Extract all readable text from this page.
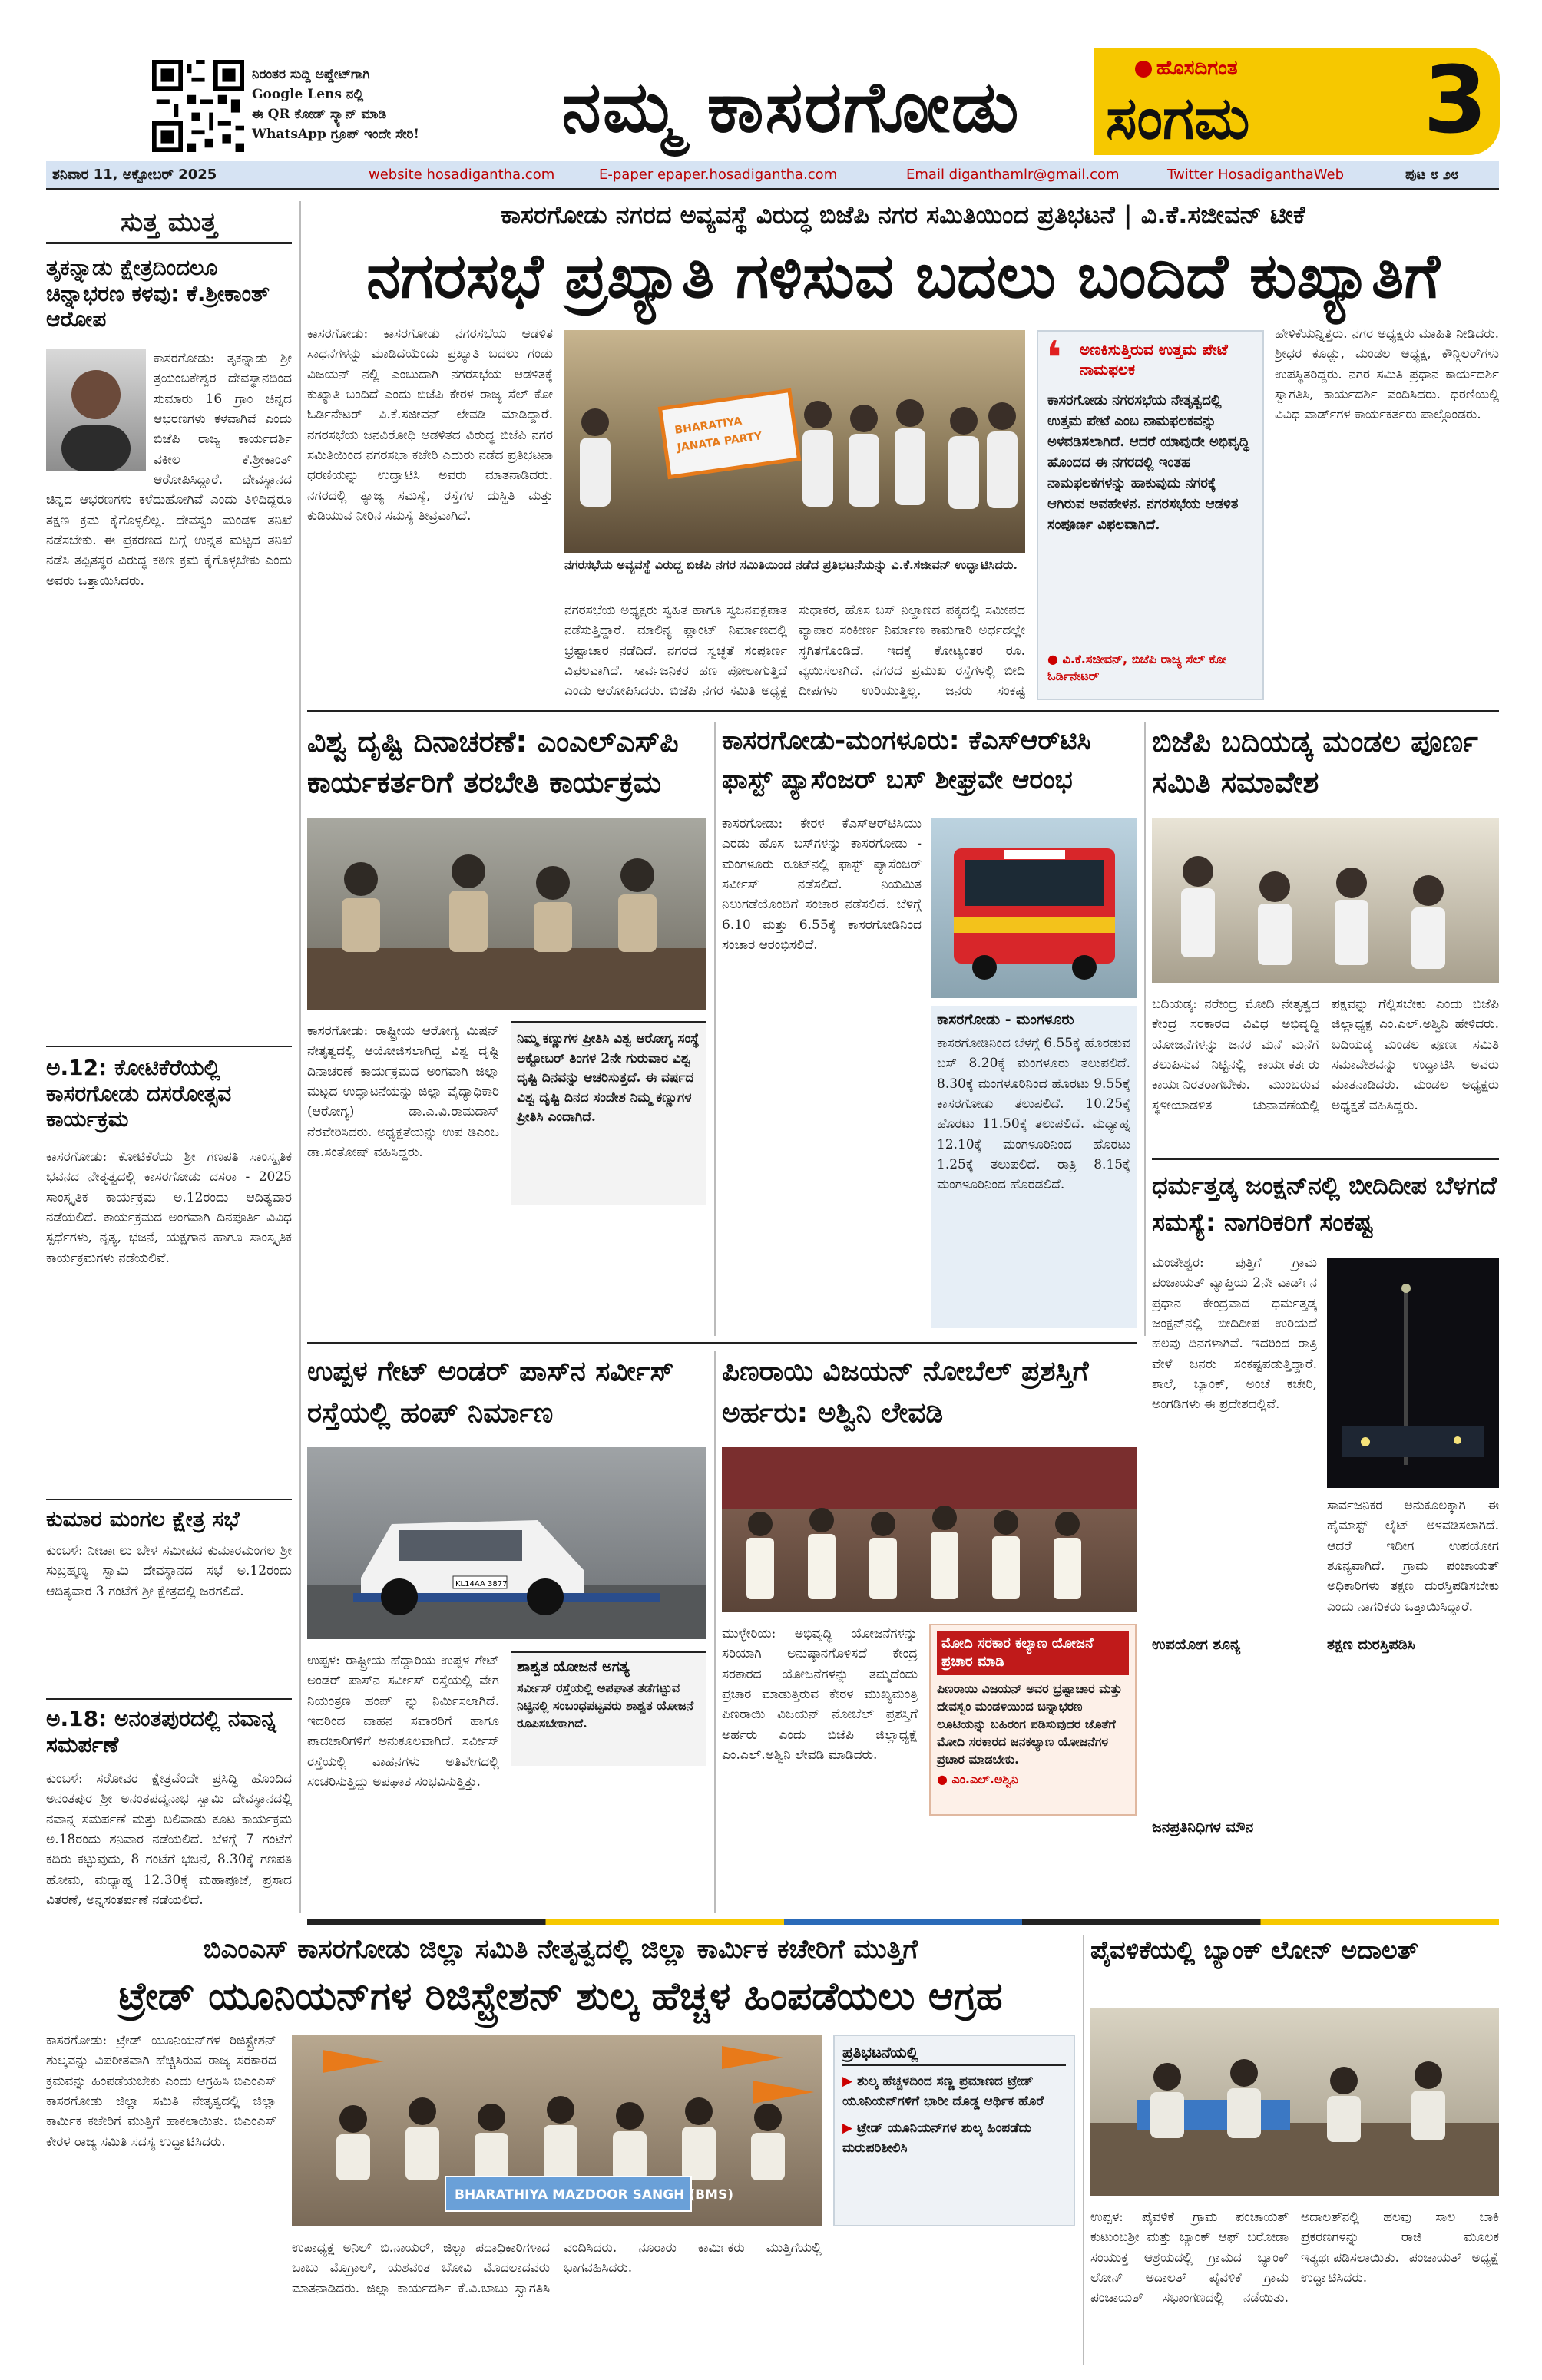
ನಿರಂತರ ಸುದ್ದಿ ಅಪ್ಡೇಟ್‌ಗಾಗಿ
Google Lens ನಲ್ಲಿ
ಈ QR ಕೋಡ್ ಸ್ಕ್ಯಾನ್ ಮಾಡಿ
WhatsApp ಗ್ರೂಪ್ ಇಂದೇ ಸೇರಿ!	ನಮ್ಮ ಕಾಸರಗೋಡು	ಹೊಸದಿಗಂತ
ಸಂಗಮ	3
ಶನಿವಾರ 11, ಅಕ್ಟೋಬರ್ 2025	website hosadigantha.com	E-paper epaper.hosadigantha.com	Email diganthamlr@gmail.com	Twitter HosadiganthaWeb	ಪುಟ ೮ ೨೮
ಸುತ್ತ ಮುತ್ತ
ತೃಕನ್ನಾಡು ಕ್ಷೇತ್ರದಿಂದಲೂ ಚಿನ್ನಾಭರಣ ಕಳವು: ಕೆ.ಶ್ರೀಕಾಂತ್ ಆರೋಪ
ಕಾಸರಗೋಡು: ತೃಕನ್ನಾಡು ಶ್ರೀ ತ್ರಯಂಬಕೇಶ್ವರ ದೇವಸ್ಥಾನದಿಂದ ಸುಮಾರು 16 ಗ್ರಾಂ ಚಿನ್ನದ ಆಭರಣಗಳು ಕಳವಾಗಿವೆ ಎಂದು ಬಿಜೆಪಿ ರಾಜ್ಯ ಕಾರ್ಯದರ್ಶಿ ವಕೀಲ ಕೆ.ಶ್ರೀಕಾಂತ್ ಆರೋಪಿಸಿದ್ದಾರೆ. ದೇವಸ್ಥಾನದ ಚಿನ್ನದ ಆಭರಣಗಳು ಕಳೆದುಹೋಗಿವೆ ಎಂದು ತಿಳಿದಿದ್ದರೂ ತಕ್ಷಣ ಕ್ರಮ ಕೈಗೊಳ್ಳಲಿಲ್ಲ. ದೇವಸ್ವಂ ಮಂಡಳಿ ತನಿಖೆ ನಡೆಸಬೇಕು. ಈ ಪ್ರಕರಣದ ಬಗ್ಗೆ ಉನ್ನತ ಮಟ್ಟದ ತನಿಖೆ ನಡೆಸಿ ತಪ್ಪಿತಸ್ಥರ ವಿರುದ್ಧ ಕಠಿಣ ಕ್ರಮ ಕೈಗೊಳ್ಳಬೇಕು ಎಂದು ಅವರು ಒತ್ತಾಯಿಸಿದರು.
ಅ.12: ಕೋಟಿಕೆರೆಯಲ್ಲಿ ಕಾಸರಗೋಡು ದಸರೋತ್ಸವ ಕಾರ್ಯಕ್ರಮ
ಕಾಸರಗೋಡು: ಕೋಟಿಕೆರೆಯ ಶ್ರೀ ಗಣಪತಿ ಸಾಂಸ್ಕೃತಿಕ ಭವನದ ನೇತೃತ್ವದಲ್ಲಿ ಕಾಸರಗೋಡು ದಸರಾ - 2025 ಸಾಂಸ್ಕೃತಿಕ ಕಾರ್ಯಕ್ರಮ ಅ.12ರಂದು ಆದಿತ್ಯವಾರ ನಡೆಯಲಿದೆ. ಕಾರ್ಯಕ್ರಮದ ಅಂಗವಾಗಿ ದಿನಪೂರ್ತಿ ವಿವಿಧ ಸ್ಪರ್ಧೆಗಳು, ನೃತ್ಯ, ಭಜನೆ, ಯಕ್ಷಗಾನ ಹಾಗೂ ಸಾಂಸ್ಕೃತಿಕ ಕಾರ್ಯಕ್ರಮಗಳು ನಡೆಯಲಿವೆ.
ಕುಮಾರ ಮಂಗಲ ಕ್ಷೇತ್ರ ಸಭೆ
ಕುಂಬಳೆ: ನೀರ್ಚಾಲು ಬೇಳ ಸಮೀಪದ ಕುಮಾರಮಂಗಲ ಶ್ರೀ ಸುಬ್ರಹ್ಮಣ್ಯ ಸ್ವಾಮಿ ದೇವಸ್ಥಾನದ ಸಭೆ ಅ.12ರಂದು ಆದಿತ್ಯವಾರ 3 ಗಂಟೆಗೆ ಶ್ರೀ ಕ್ಷೇತ್ರದಲ್ಲಿ ಜರಗಲಿದೆ.
ಅ.18: ಅನಂತಪುರದಲ್ಲಿ ನವಾನ್ನ ಸಮರ್ಪಣೆ
ಕುಂಬಳೆ: ಸರೋವರ ಕ್ಷೇತ್ರವೆಂದೇ ಪ್ರಸಿದ್ಧಿ ಹೊಂದಿದ ಅನಂತಪುರ ಶ್ರೀ ಅನಂತಪದ್ಮನಾಭ ಸ್ವಾಮಿ ದೇವಸ್ಥಾನದಲ್ಲಿ ನವಾನ್ನ ಸಮರ್ಪಣೆ ಮತ್ತು ಬಲಿವಾಡು ಕೂಟ ಕಾರ್ಯಕ್ರಮ ಅ.18ರಂದು ಶನಿವಾರ ನಡೆಯಲಿದೆ. ಬೆಳಗ್ಗೆ 7 ಗಂಟೆಗೆ ಕದಿರು ಕಟ್ಟುವುದು, 8 ಗಂಟೆಗೆ ಭಜನೆ, 8.30ಕ್ಕೆ ಗಣಪತಿ ಹೋಮ, ಮಧ್ಯಾಹ್ನ 12.30ಕ್ಕೆ ಮಹಾಪೂಜೆ, ಪ್ರಸಾದ ವಿತರಣೆ, ಅನ್ನಸಂತರ್ಪಣೆ ನಡೆಯಲಿದೆ.
ಕಾಸರಗೋಡು ನಗರದ ಅವ್ಯವಸ್ಥೆ ವಿರುದ್ಧ ಬಿಜೆಪಿ ನಗರ ಸಮಿತಿಯಿಂದ ಪ್ರತಿಭಟನೆ | ವಿ.ಕೆ.ಸಜೀವನ್ ಟೀಕೆ
ನಗರಸಭೆ ಪ್ರಖ್ಯಾತಿ ಗಳಿಸುವ ಬದಲು ಬಂದಿದೆ ಕುಖ್ಯಾತಿಗೆ
ಕಾಸರಗೋಡು: ಕಾಸರಗೋಡು ನಗರಸಭೆಯ ಆಡಳಿತ ಸಾಧನೆಗಳನ್ನು ಮಾಡಿದೆಯೆಂದು ಪ್ರಖ್ಯಾತಿ ಬದಲು ಗಂಡು ವಿಜಯನ್ ನಲ್ಲಿ ಎಂಬುದಾಗಿ ನಗರಸಭೆಯ ಆಡಳಿತಕ್ಕೆ ಕುಖ್ಯಾತಿ ಬಂದಿದೆ ಎಂದು ಬಿಜೆಪಿ ಕೇರಳ ರಾಜ್ಯ ಸೆಲ್ ಕೋ ಓರ್ಡಿನೇಟರ್ ವಿ.ಕೆ.ಸಜೀವನ್ ಲೇವಡಿ ಮಾಡಿದ್ದಾರೆ. ನಗರಸಭೆಯ ಜನವಿರೋಧಿ ಆಡಳಿತದ ವಿರುದ್ಧ ಬಿಜೆಪಿ ನಗರ ಸಮಿತಿಯಿಂದ ನಗರಸಭಾ ಕಚೇರಿ ಎದುರು ನಡೆದ ಪ್ರತಿಭಟನಾ ಧರಣಿಯನ್ನು ಉದ್ಘಾಟಿಸಿ ಅವರು ಮಾತನಾಡಿದರು. ನಗರದಲ್ಲಿ ತ್ಯಾಜ್ಯ ಸಮಸ್ಯೆ, ರಸ್ತೆಗಳ ದುಸ್ಥಿತಿ ಮತ್ತು ಕುಡಿಯುವ ನೀರಿನ ಸಮಸ್ಯೆ ತೀವ್ರವಾಗಿದೆ.
BHARATIYA
JANATA PARTY
ನಗರಸಭೆಯ ಅವ್ಯವಸ್ಥೆ ವಿರುದ್ಧ ಬಿಜೆಪಿ ನಗರ ಸಮಿತಿಯಿಂದ ನಡೆದ ಪ್ರತಿಭಟನೆಯನ್ನು ವಿ.ಕೆ.ಸಜೀವನ್ ಉದ್ಘಾಟಿಸಿದರು.
ನಗರಸಭೆಯ ಅಧ್ಯಕ್ಷರು ಸ್ವಹಿತ ಹಾಗೂ ಸ್ವಜನಪಕ್ಷಪಾತ ನಡೆಸುತ್ತಿದ್ದಾರೆ. ಮಾಲಿನ್ಯ ಪ್ಲಾಂಟ್ ನಿರ್ಮಾಣದಲ್ಲಿ ಭ್ರಷ್ಟಾಚಾರ ನಡೆದಿದೆ. ನಗರದ ಸ್ವಚ್ಛತೆ ಸಂಪೂರ್ಣ ವಿಫಲವಾಗಿದೆ. ಸಾರ್ವಜನಿಕರ ಹಣ ಪೋಲಾಗುತ್ತಿದೆ ಎಂದು ಆರೋಪಿಸಿದರು. ಬಿಜೆಪಿ ನಗರ ಸಮಿತಿ ಅಧ್ಯಕ್ಷ
ಸುಧಾಕರ, ಹೊಸ ಬಸ್ ನಿಲ್ದಾಣದ ಪಕ್ಕದಲ್ಲಿ ಸಮೀಪದ ವ್ಯಾಪಾರ ಸಂಕೀರ್ಣ ನಿರ್ಮಾಣ ಕಾಮಗಾರಿ ಅರ್ಧದಲ್ಲೇ ಸ್ಥಗಿತಗೊಂಡಿದೆ. ಇದಕ್ಕೆ ಕೋಟ್ಯಂತರ ರೂ. ವ್ಯಯಿಸಲಾಗಿದೆ. ನಗರದ ಪ್ರಮುಖ ರಸ್ತೆಗಳಲ್ಲಿ ಬೀದಿ ದೀಪಗಳು ಉರಿಯುತ್ತಿಲ್ಲ. ಜನರು ಸಂಕಷ್ಟ
❛	ಅಣಕಿಸುತ್ತಿರುವ ಉತ್ತಮ ಪೇಟೆ ನಾಮಫಲಕ
ಕಾಸರಗೋಡು ನಗರಸಭೆಯ ನೇತೃತ್ವದಲ್ಲಿ ಉತ್ತಮ ಪೇಟೆ ಎಂಬ ನಾಮಫಲಕವನ್ನು ಅಳವಡಿಸಲಾಗಿದೆ. ಆದರೆ ಯಾವುದೇ ಅಭಿವೃದ್ಧಿ ಹೊಂದದ ಈ ನಗರದಲ್ಲಿ ಇಂತಹ ನಾಮಫಲಕಗಳನ್ನು ಹಾಕುವುದು ನಗರಕ್ಕೆ ಆಗಿರುವ ಅವಹೇಳನ. ನಗರಸಭೆಯ ಆಡಳಿತ ಸಂಪೂರ್ಣ ವಿಫಲವಾಗಿದೆ.
● ವಿ.ಕೆ.ಸಜೀವನ್, ಬಿಜೆಪಿ ರಾಜ್ಯ ಸೆಲ್ ಕೋ ಓರ್ಡಿನೇಟರ್
ಹೇಳಿಕೆಯನ್ನಿತ್ತರು. ನಗರ ಅಧ್ಯಕ್ಷರು ಮಾಹಿತಿ ನೀಡಿದರು. ಶ್ರೀಧರ ಕೂಡ್ಲು, ಮಂಡಲ ಅಧ್ಯಕ್ಷ, ಕೌನ್ಸಿಲರ್‌ಗಳು ಉಪಸ್ಥಿತರಿದ್ದರು. ನಗರ ಸಮಿತಿ ಪ್ರಧಾನ ಕಾರ್ಯದರ್ಶಿ ಸ್ವಾಗತಿಸಿ, ಕಾರ್ಯದರ್ಶಿ ವಂದಿಸಿದರು. ಧರಣಿಯಲ್ಲಿ ವಿವಿಧ ವಾರ್ಡ್‌ಗಳ ಕಾರ್ಯಕರ್ತರು ಪಾಲ್ಗೊಂಡರು.
ವಿಶ್ವ ದೃಷ್ಟಿ ದಿನಾಚರಣೆ: ಎಂಎಲ್‌ಎಸ್‌ಪಿ ಕಾರ್ಯಕರ್ತರಿಗೆ ತರಬೇತಿ ಕಾರ್ಯಕ್ರಮ
ಕಾಸರಗೋಡು: ರಾಷ್ಟ್ರೀಯ ಆರೋಗ್ಯ ಮಿಷನ್ ನೇತೃತ್ವದಲ್ಲಿ ಆಯೋಜಿಸಲಾಗಿದ್ದ ವಿಶ್ವ ದೃಷ್ಟಿ ದಿನಾಚರಣೆ ಕಾರ್ಯಕ್ರಮದ ಅಂಗವಾಗಿ ಜಿಲ್ಲಾ ಮಟ್ಟದ ಉದ್ಘಾಟನೆಯನ್ನು ಜಿಲ್ಲಾ ವೈದ್ಯಾಧಿಕಾರಿ (ಆರೋಗ್ಯ) ಡಾ.ಎ.ವಿ.ರಾಮದಾಸ್ ನೆರವೇರಿಸಿದರು. ಅಧ್ಯಕ್ಷತೆಯನ್ನು ಉಪ ಡಿಎಂಒ ಡಾ.ಸಂತೋಷ್ ವಹಿಸಿದ್ದರು.
ನಿಮ್ಮ ಕಣ್ಣುಗಳ ಪ್ರೀತಿಸಿ ವಿಶ್ವ ಆರೋಗ್ಯ ಸಂಸ್ಥೆ ಅಕ್ಟೋಬರ್ ತಿಂಗಳ 2ನೇ ಗುರುವಾರ ವಿಶ್ವ ದೃಷ್ಟಿ ದಿನವನ್ನು ಆಚರಿಸುತ್ತದೆ. ಈ ವರ್ಷದ ವಿಶ್ವ ದೃಷ್ಟಿ ದಿನದ ಸಂದೇಶ ನಿಮ್ಮ ಕಣ್ಣುಗಳ ಪ್ರೀತಿಸಿ ಎಂದಾಗಿದೆ.
ಕಾಸರಗೋಡು-ಮಂಗಳೂರು: ಕೆಎಸ್ಆರ್‌ಟಿಸಿ ಫಾಸ್ಟ್ ಪ್ಯಾಸೆಂಜರ್ ಬಸ್ ಶೀಘ್ರವೇ ಆರಂಭ
ಕಾಸರಗೋಡು: ಕೇರಳ ಕೆಎಸ್ಆರ್‌ಟಿಸಿಯು ಎರಡು ಹೊಸ ಬಸ್‌ಗಳನ್ನು ಕಾಸರಗೋಡು - ಮಂಗಳೂರು ರೂಟ್‌ನಲ್ಲಿ ಫಾಸ್ಟ್ ಪ್ಯಾಸೆಂಜರ್ ಸರ್ವೀಸ್ ನಡೆಸಲಿದೆ. ನಿಯಮಿತ ನಿಲುಗಡೆಯೊಂದಿಗೆ ಸಂಚಾರ ನಡೆಸಲಿದೆ. ಬೆಳಿಗ್ಗೆ 6.10 ಮತ್ತು 6.55ಕ್ಕೆ ಕಾಸರಗೋಡಿನಿಂದ ಸಂಚಾರ ಆರಂಭಿಸಲಿದೆ.
ಕಾಸರಗೋಡು - ಮಂಗಳೂರು
ಕಾಸರಗೋಡಿನಿಂದ ಬೆಳಗ್ಗೆ 6.55ಕ್ಕೆ ಹೊರಡುವ ಬಸ್ 8.20ಕ್ಕೆ ಮಂಗಳೂರು ತಲುಪಲಿದೆ. 8.30ಕ್ಕೆ ಮಂಗಳೂರಿನಿಂದ ಹೊರಟು 9.55ಕ್ಕೆ ಕಾಸರಗೋಡು ತಲುಪಲಿದೆ. 10.25ಕ್ಕೆ ಹೊರಟು 11.50ಕ್ಕೆ ತಲುಪಲಿದೆ. ಮಧ್ಯಾಹ್ನ 12.10ಕ್ಕೆ ಮಂಗಳೂರಿನಿಂದ ಹೊರಟು 1.25ಕ್ಕೆ ತಲುಪಲಿದೆ. ರಾತ್ರಿ 8.15ಕ್ಕೆ ಮಂಗಳೂರಿನಿಂದ ಹೊರಡಲಿದೆ.
ಬಿಜೆಪಿ ಬದಿಯಡ್ಕ ಮಂಡಲ ಪೂರ್ಣ ಸಮಿತಿ ಸಮಾವೇಶ
ಬದಿಯಡ್ಕ: ನರೇಂದ್ರ ಮೋದಿ ನೇತೃತ್ವದ ಕೇಂದ್ರ ಸರಕಾರದ ವಿವಿಧ ಅಭಿವೃದ್ಧಿ ಯೋಜನೆಗಳನ್ನು ಜನರ ಮನೆ ಮನೆಗೆ ತಲುಪಿಸುವ ನಿಟ್ಟಿನಲ್ಲಿ ಕಾರ್ಯಕರ್ತರು ಕಾರ್ಯನಿರತರಾಗಬೇಕು. ಮುಂಬರುವ ಸ್ಥಳೀಯಾಡಳಿತ ಚುನಾವಣೆಯಲ್ಲಿ ಪಕ್ಷವನ್ನು ಗೆಲ್ಲಿಸಬೇಕು ಎಂದು ಬಿಜೆಪಿ ಜಿಲ್ಲಾಧ್ಯಕ್ಷ ಎಂ.ಎಲ್.ಅಶ್ವಿನಿ ಹೇಳಿದರು. ಬದಿಯಡ್ಕ ಮಂಡಲ ಪೂರ್ಣ ಸಮಿತಿ ಸಮಾವೇಶವನ್ನು ಉದ್ಘಾಟಿಸಿ ಅವರು ಮಾತನಾಡಿದರು. ಮಂಡಲ ಅಧ್ಯಕ್ಷರು ಅಧ್ಯಕ್ಷತೆ ವಹಿಸಿದ್ದರು.
ಧರ್ಮತ್ತಡ್ಕ ಜಂಕ್ಷನ್‌ನಲ್ಲಿ ಬೀದಿದೀಪ ಬೆಳಗದೆ ಸಮಸ್ಯೆ: ನಾಗರಿಕರಿಗೆ ಸಂಕಷ್ಟ
ಮಂಜೇಶ್ವರ: ಪುತ್ತಿಗೆ ಗ್ರಾಮ ಪಂಚಾಯತ್ ವ್ಯಾಪ್ತಿಯ 2ನೇ ವಾರ್ಡ್‌ನ ಪ್ರಧಾನ ಕೇಂದ್ರವಾದ ಧರ್ಮತ್ತಡ್ಕ ಜಂಕ್ಷನ್‌ನಲ್ಲಿ ಬೀದಿದೀಪ ಉರಿಯದೆ ಹಲವು ದಿನಗಳಾಗಿವೆ. ಇದರಿಂದ ರಾತ್ರಿ ವೇಳೆ ಜನರು ಸಂಕಷ್ಟಪಡುತ್ತಿದ್ದಾರೆ. ಶಾಲೆ, ಬ್ಯಾಂಕ್, ಅಂಚೆ ಕಚೇರಿ, ಅಂಗಡಿಗಳು ಈ ಪ್ರದೇಶದಲ್ಲಿವೆ.
ಉಪಯೋಗ ಶೂನ್ಯ
ಸಾರ್ವಜನಿಕರ ಅನುಕೂಲಕ್ಕಾಗಿ ಈ ಹೈಮಾಸ್ಟ್ ಲೈಟ್ ಅಳವಡಿಸಲಾಗಿದೆ. ಆದರೆ ಇದೀಗ ಉಪಯೋಗ ಶೂನ್ಯವಾಗಿದೆ. ಗ್ರಾಮ ಪಂಚಾಯತ್ ಅಧಿಕಾರಿಗಳು ತಕ್ಷಣ ದುರಸ್ತಿಪಡಿಸಬೇಕು ಎಂದು ನಾಗರಿಕರು ಒತ್ತಾಯಿಸಿದ್ದಾರೆ.
ತಕ್ಷಣ ದುರಸ್ತಿಪಡಿಸಿ
ಜನಪ್ರತಿನಿಧಿಗಳ ಮೌನ
ಉಪ್ಪಳ ಗೇಟ್ ಅಂಡರ್ ಪಾಸ್‌ನ ಸರ್ವೀಸ್ ರಸ್ತೆಯಲ್ಲಿ ಹಂಪ್ ನಿರ್ಮಾಣ
KL14AA 3877
ಉಪ್ಪಳ: ರಾಷ್ಟ್ರೀಯ ಹೆದ್ದಾರಿಯ ಉಪ್ಪಳ ಗೇಟ್ ಅಂಡರ್ ಪಾಸ್‌ನ ಸರ್ವೀಸ್ ರಸ್ತೆಯಲ್ಲಿ ವೇಗ ನಿಯಂತ್ರಣ ಹಂಪ್ ನ್ನು ನಿರ್ಮಿಸಲಾಗಿದೆ. ಇದರಿಂದ ವಾಹನ ಸವಾರರಿಗೆ ಹಾಗೂ ಪಾದಚಾರಿಗಳಿಗೆ ಅನುಕೂಲವಾಗಿದೆ. ಸರ್ವೀಸ್ ರಸ್ತೆಯಲ್ಲಿ ವಾಹನಗಳು ಅತಿವೇಗದಲ್ಲಿ ಸಂಚರಿಸುತ್ತಿದ್ದು ಅಪಘಾತ ಸಂಭವಿಸುತ್ತಿತ್ತು.
ಶಾಶ್ವತ ಯೋಜನೆ ಅಗತ್ಯ
ಸರ್ವೀಸ್ ರಸ್ತೆಯಲ್ಲಿ ಅಪಘಾತ ತಡೆಗಟ್ಟುವ ನಿಟ್ಟಿನಲ್ಲಿ ಸಂಬಂಧಪಟ್ಟವರು ಶಾಶ್ವತ ಯೋಜನೆ ರೂಪಿಸಬೇಕಾಗಿದೆ.
ಪಿಣರಾಯಿ ವಿಜಯನ್ ನೋಬೆಲ್ ಪ್ರಶಸ್ತಿಗೆ ಅರ್ಹರು: ಅಶ್ವಿನಿ ಲೇವಡಿ
ಮುಳ್ಳೇರಿಯ: ಅಭಿವೃದ್ಧಿ ಯೋಜನೆಗಳನ್ನು ಸರಿಯಾಗಿ ಅನುಷ್ಠಾನಗೊಳಿಸದೆ ಕೇಂದ್ರ ಸರಕಾರದ ಯೋಜನೆಗಳನ್ನು ತಮ್ಮದೆಂದು ಪ್ರಚಾರ ಮಾಡುತ್ತಿರುವ ಕೇರಳ ಮುಖ್ಯಮಂತ್ರಿ ಪಿಣರಾಯಿ ವಿಜಯನ್ ನೋಬೆಲ್ ಪ್ರಶಸ್ತಿಗೆ ಅರ್ಹರು ಎಂದು ಬಿಜೆಪಿ ಜಿಲ್ಲಾಧ್ಯಕ್ಷೆ ಎಂ.ಎಲ್.ಅಶ್ವಿನಿ ಲೇವಡಿ ಮಾಡಿದರು.
ಮೋದಿ ಸರಕಾರ ಕಲ್ಯಾಣ ಯೋಜನೆ ಪ್ರಚಾರ ಮಾಡಿ
ಪಿಣರಾಯಿ ವಿಜಯನ್ ಅವರ ಭ್ರಷ್ಟಾಚಾರ ಮತ್ತು ದೇವಸ್ವಂ ಮಂಡಳಿಯಿಂದ ಚಿನ್ನಾಭರಣ ಲೂಟಿಯನ್ನು ಬಹಿರಂಗ ಪಡಿಸುವುದರ ಜೊತೆಗೆ ಮೋದಿ ಸರಕಾರದ ಜನಕಲ್ಯಾಣ ಯೋಜನೆಗಳ ಪ್ರಚಾರ ಮಾಡಬೇಕು.
● ಎಂ.ಎಲ್.ಅಶ್ವಿನಿ
ಬಿಎಂಎಸ್ ಕಾಸರಗೋಡು ಜಿಲ್ಲಾ ಸಮಿತಿ ನೇತೃತ್ವದಲ್ಲಿ ಜಿಲ್ಲಾ ಕಾರ್ಮಿಕ ಕಚೇರಿಗೆ ಮುತ್ತಿಗೆ
ಟ್ರೇಡ್ ಯೂನಿಯನ್‌ಗಳ ರಿಜಿಸ್ಟ್ರೇಶನ್ ಶುಲ್ಕ ಹೆಚ್ಚಳ ಹಿಂಪಡೆಯಲು ಆಗ್ರಹ
ಕಾಸರಗೋಡು: ಟ್ರೇಡ್ ಯೂನಿಯನ್‌ಗಳ ರಿಜಿಸ್ಟ್ರೇಶನ್ ಶುಲ್ಕವನ್ನು ವಿಪರೀತವಾಗಿ ಹೆಚ್ಚಿಸಿರುವ ರಾಜ್ಯ ಸರಕಾರದ ಕ್ರಮವನ್ನು ಹಿಂಪಡೆಯಬೇಕು ಎಂದು ಆಗ್ರಹಿಸಿ ಬಿಎಂಎಸ್ ಕಾಸರಗೋಡು ಜಿಲ್ಲಾ ಸಮಿತಿ ನೇತೃತ್ವದಲ್ಲಿ ಜಿಲ್ಲಾ ಕಾರ್ಮಿಕ ಕಚೇರಿಗೆ ಮುತ್ತಿಗೆ ಹಾಕಲಾಯಿತು. ಬಿಎಂಎಸ್ ಕೇರಳ ರಾಜ್ಯ ಸಮಿತಿ ಸದಸ್ಯ ಉದ್ಘಾಟಿಸಿದರು.
BHARATHIYA MAZDOOR SANGH (BMS)
ಉಪಾಧ್ಯಕ್ಷ ಅನಿಲ್ ಬಿ.ನಾಯರ್, ಜಿಲ್ಲಾ ಪದಾಧಿಕಾರಿಗಳಾದ ಬಾಬು ಮೊಗ್ರಾಲ್, ಯಶವಂತ ಬೋವಿ ಮೊದಲಾದವರು ಮಾತನಾಡಿದರು. ಜಿಲ್ಲಾ ಕಾರ್ಯದರ್ಶಿ ಕೆ.ವಿ.ಬಾಬು ಸ್ವಾಗತಿಸಿ ವಂದಿಸಿದರು. ನೂರಾರು ಕಾರ್ಮಿಕರು ಮುತ್ತಿಗೆಯಲ್ಲಿ ಭಾಗವಹಿಸಿದರು.
ಪ್ರತಿಭಟನೆಯಲ್ಲಿ
▶ ಶುಲ್ಕ ಹೆಚ್ಚಳದಿಂದ ಸಣ್ಣ ಪ್ರಮಾಣದ ಟ್ರೇಡ್ ಯೂನಿಯನ್‌ಗಳಿಗೆ ಭಾರೀ ದೊಡ್ಡ ಆರ್ಥಿಕ ಹೊರೆ
▶ ಟ್ರೇಡ್ ಯೂನಿಯನ್‌ಗಳ ಶುಲ್ಕ ಹಿಂಪಡೆದು ಮರುಪರಿಶೀಲಿಸಿ
ಪೈವಳಿಕೆಯಲ್ಲಿ ಬ್ಯಾಂಕ್ ಲೋನ್ ಅದಾಲತ್
ಉಪ್ಪಳ: ಪೈವಳಿಕೆ ಗ್ರಾಮ ಪಂಚಾಯತ್ ಕುಟುಂಬಶ್ರೀ ಮತ್ತು ಬ್ಯಾಂಕ್ ಆಫ್ ಬರೋಡಾ ಸಂಯುಕ್ತ ಆಶ್ರಯದಲ್ಲಿ ಗ್ರಾಮದ ಬ್ಯಾಂಕ್ ಲೋನ್ ಅದಾಲತ್ ಪೈವಳಿಕೆ ಗ್ರಾಮ ಪಂಚಾಯತ್ ಸಭಾಂಗಣದಲ್ಲಿ ನಡೆಯಿತು. ಅದಾಲತ್‌ನಲ್ಲಿ ಹಲವು ಸಾಲ ಬಾಕಿ ಪ್ರಕರಣಗಳನ್ನು ರಾಜಿ ಮೂಲಕ ಇತ್ಯರ್ಥಪಡಿಸಲಾಯಿತು. ಪಂಚಾಯತ್ ಅಧ್ಯಕ್ಷೆ ಉದ್ಘಾಟಿಸಿದರು.
